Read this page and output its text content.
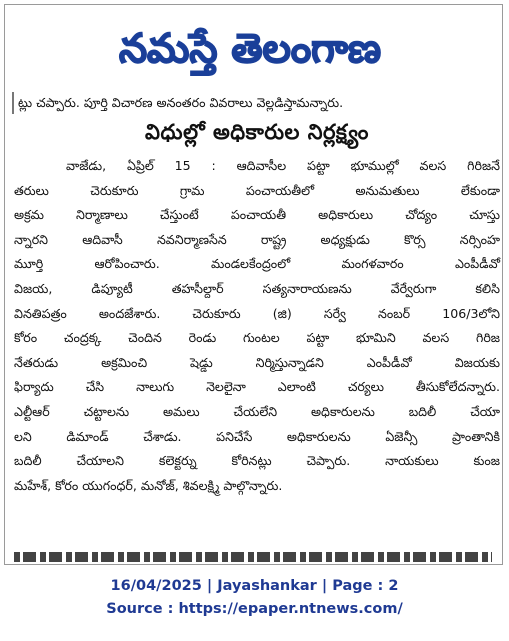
నమస్తే తెలంగాణ
ట్లు చప్పారు. పూర్తి విచారణ అనంతరం వివరాలు వెల్లడిస్తామన్నారు.
విధుల్లో అధికారుల నిర్లక్ష్యం
వాజేడు, ఏప్రిల్ 15 : ఆదివాసీల పట్టా భూముల్లో వలస గిరిజనే
తరులు చెరుకూరు గ్రామ పంచాయతీలో అనుమతులు లేకుండా
అక్రమ నిర్మాణాలు చేస్తుంటే పంచాయతీ అధికారులు చోద్యం చూస్తు
న్నారని ఆదివాసీ నవనిర్మాణసేన రాష్ట్ర అధ్యక్షుడు కొర్స నర్సింహ
మూర్తి ఆరోపించారు. మండలకేంద్రంలో మంగళవారం ఎంపీడీవో
విజయ, డిప్యూటీ తహసీల్దార్ సత్యనారాయణను వేర్వేరుగా కలిసి
వినతిపత్రం అందజేశారు. చెరుకూరు (జి) సర్వే నంబర్ 106/3లోని
కోరం చంద్రక్క చెందిన రెండు గుంటల పట్టా భూమిని వలస గిరిజ
నేతరుడు అక్రమించి షెడ్డు నిర్మిస్తున్నాడని ఎంపీడీవో విజయకు
ఫిర్యాదు చేసి నాలుగు నెలలైనా ఎలాంటి చర్యలు తీసుకోలేదన్నారు.
ఎల్టీఆర్ చట్టాలను అమలు చేయలేని అధికారులను బదిలీ చేయా
లని డిమాండ్ చేశాడు. పనిచేసే అధికారులను ఏజెన్సీ ప్రాంతానికి
బదిలీ చేయాలని కలెక్టర్ను కోరినట్లు చెప్పారు. నాయకులు కుంజ
మహేశ్, కోరం యుగంధర్, మనోజ్, శివలక్ష్మి పాల్గొన్నారు.
16/04/2025 | Jayashankar | Page : 2
Source : https://epaper.ntnews.com/
